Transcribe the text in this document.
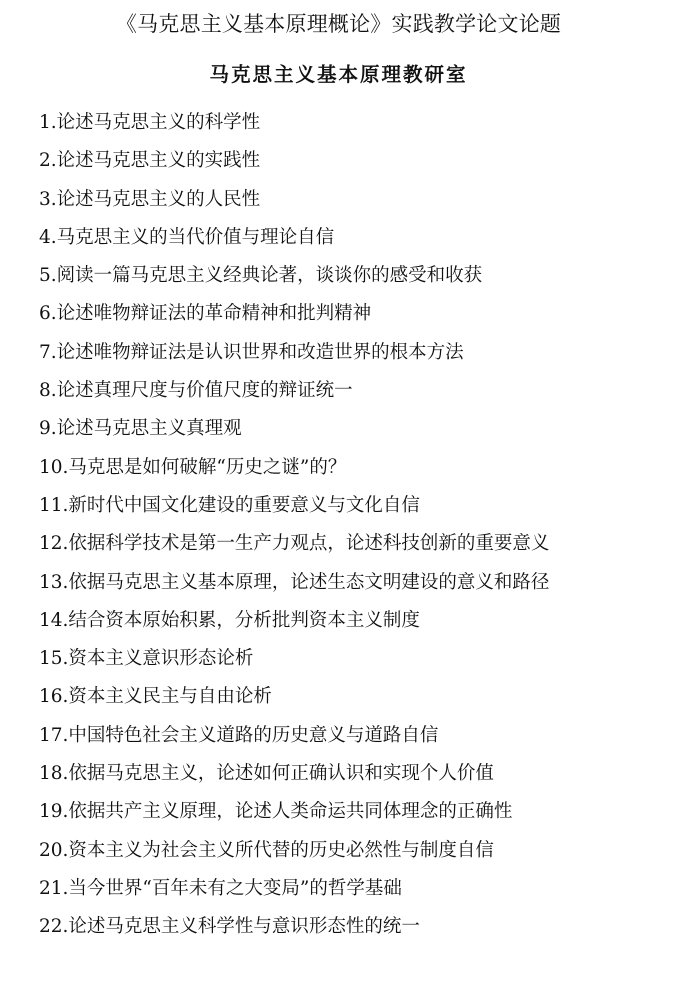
《马克思主义基本原理概论》实践教学论文论题
马克思主义基本原理教研室
1.论述马克思主义的科学性
2.论述马克思主义的实践性
3.论述马克思主义的人民性
4.马克思主义的当代价值与理论自信
5.阅读一篇马克思主义经典论著，谈谈你的感受和收获
6.论述唯物辩证法的革命精神和批判精神
7.论述唯物辩证法是认识世界和改造世界的根本方法
8.论述真理尺度与价值尺度的辩证统一
9.论述马克思主义真理观
10.马克思是如何破解“历史之谜”的？
11.新时代中国文化建设的重要意义与文化自信
12.依据科学技术是第一生产力观点，论述科技创新的重要意义
13.依据马克思主义基本原理，论述生态文明建设的意义和路径
14.结合资本原始积累，分析批判资本主义制度
15.资本主义意识形态论析
16.资本主义民主与自由论析
17.中国特色社会主义道路的历史意义与道路自信
18.依据马克思主义，论述如何正确认识和实现个人价值
19.依据共产主义原理，论述人类命运共同体理念的正确性
20.资本主义为社会主义所代替的历史必然性与制度自信
21.当今世界“百年未有之大变局”的哲学基础
22.论述马克思主义科学性与意识形态性的统一
